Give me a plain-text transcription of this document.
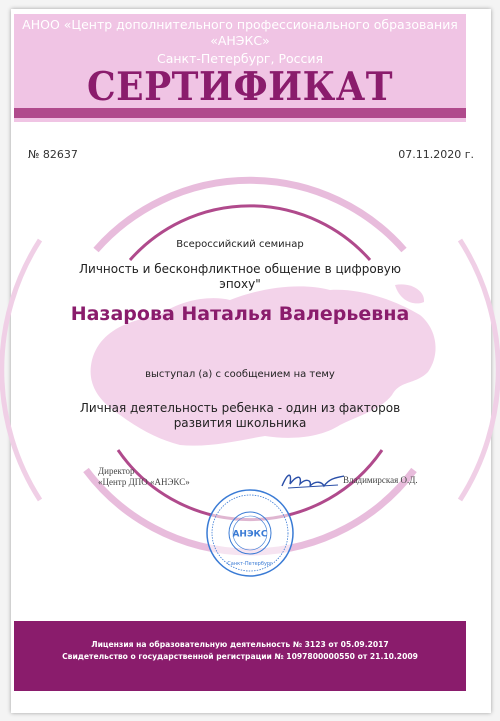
АНОО «Центр дополнительного профессионального образования «АНЭКС»
Санкт-Петербург, Россия
СЕРТИФИКАТ
№ 82637	07.11.2020 г.
Всероссийский семинар
Личность и бесконфликтное общение в цифровую эпоху"
Назарова Наталья Валерьевна
выступал (а) с сообщением на тему
Личная деятельность ребенка - один из факторов развития школьника
Директор
«Центр ДПО «АНЭКС»	Владимирская О.Д.
АНЭКС
Санкт-Петербург
Лицензия на образовательную деятельность № 3123 от 05.09.2017
Свидетельство о государственной регистрации № 1097800000550 от 21.10.2009
